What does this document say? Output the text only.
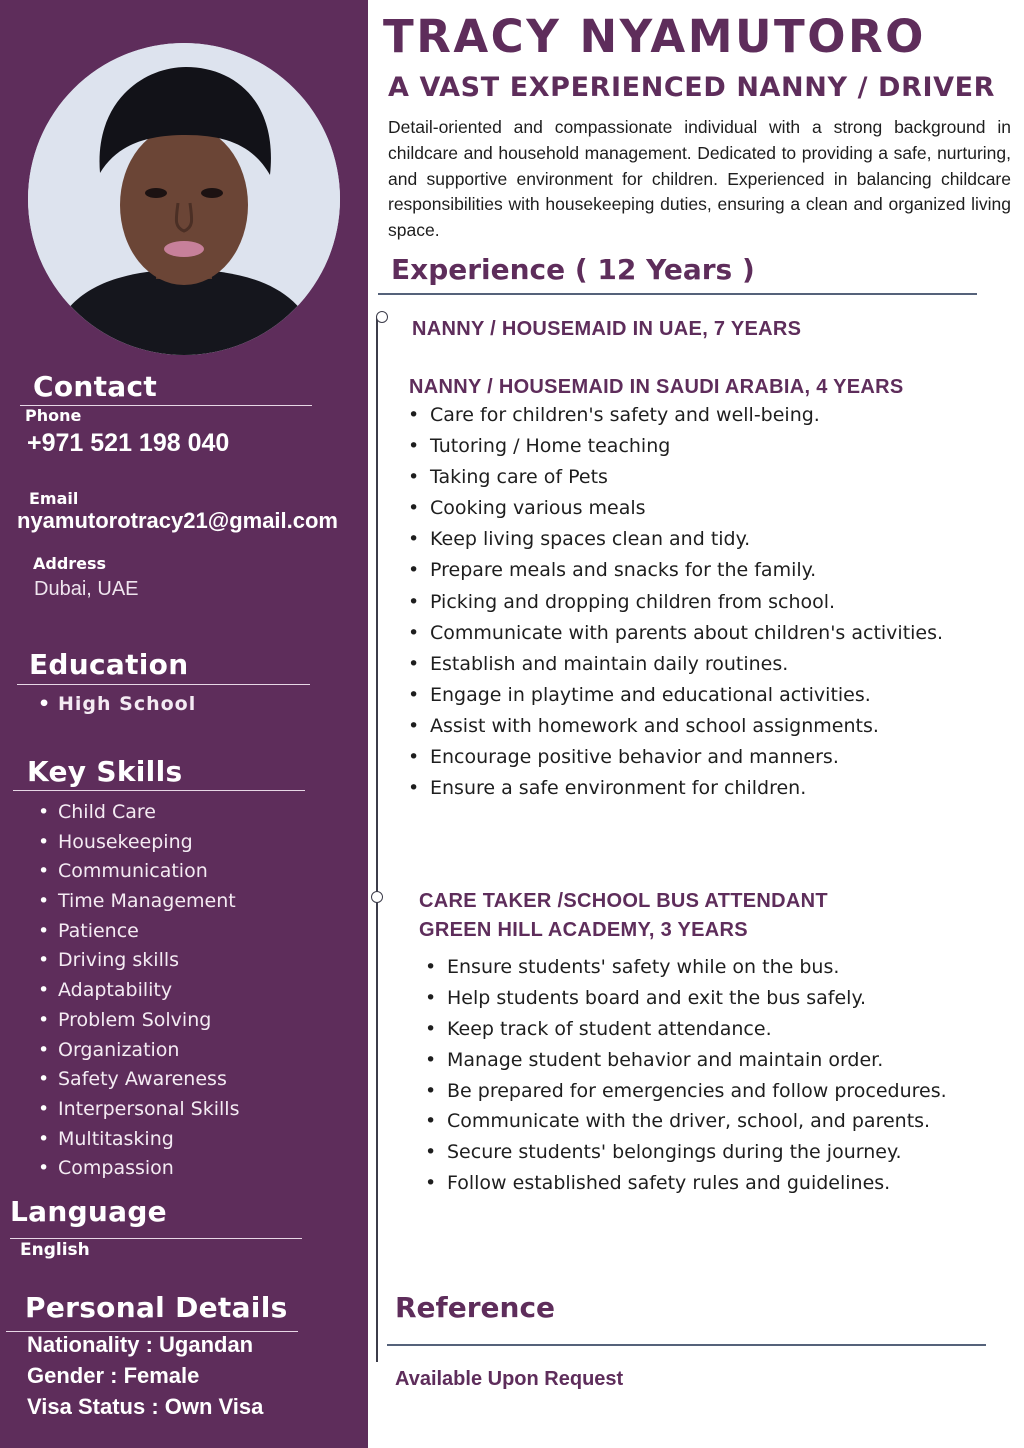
Contact
Phone
+971 521 198 040
Email
nyamutorotracy21@gmail.com
Address
Dubai, UAE
Education
• High School
Key Skills
• Child Care
• Housekeeping
• Communication
• Time Management
• Patience
• Driving skills
• Adaptability
• Problem Solving
• Organization
• Safety Awareness
• Interpersonal Skills
• Multitasking
• Compassion
Language
English
Personal Details
Nationality : Ugandan
Gender : Female
Visa Status : Own Visa
TRACY NYAMUTORO
A VAST EXPERIENCED NANNY / DRIVER

Detail-oriented and compassionate individual with a strong background in childcare and household management. Dedicated to providing a safe, nurturing, and supportive environment for children. Experienced in balancing childcare responsibilities with housekeeping duties, ensuring a clean and organized living space.

Experience ( 12 Years )
NANNY / HOUSEMAID IN UAE, 7 YEARS
NANNY / HOUSEMAID IN SAUDI ARABIA, 4 YEARS
• Care for children's safety and well-being.
• Tutoring / Home teaching
• Taking care of Pets
• Cooking various meals
• Keep living spaces clean and tidy.
• Prepare meals and snacks for the family.
• Picking and dropping children from school.
• Communicate with parents about children's activities.
• Establish and maintain daily routines.
• Engage in playtime and educational activities.
• Assist with homework and school assignments.
• Encourage positive behavior and manners.
• Ensure a safe environment for children.
CARE TAKER /SCHOOL BUS ATTENDANT
GREEN HILL ACADEMY, 3 YEARS
• Ensure students' safety while on the bus.
• Help students board and exit the bus safely.
• Keep track of student attendance.
• Manage student behavior and maintain order.
• Be prepared for emergencies and follow procedures.
• Communicate with the driver, school, and parents.
• Secure students' belongings during the journey.
• Follow established safety rules and guidelines.
Reference
Available Upon Request
